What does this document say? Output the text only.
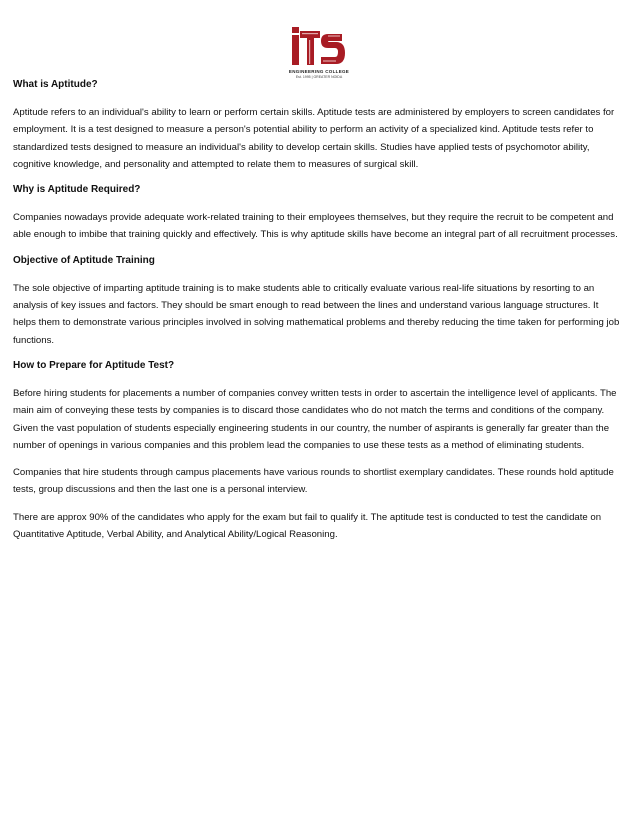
ENGINEERING COLLEGE
Est. 1995 | GREATER NOIDA
What is Aptitude?

Aptitude refers to an individual's ability to learn or perform certain skills. Aptitude tests are administered by employers to screen candidates for employment. It is a test designed to measure a person's potential ability to perform an activity of a specialized kind. Aptitude tests refer to standardized tests designed to measure an individual's ability to develop certain skills. Studies have applied tests of psychomotor ability, cognitive knowledge, and personality and attempted to relate them to measures of surgical skill.

Why is Aptitude Required?

Companies nowadays provide adequate work-related training to their employees themselves, but they require the recruit to be competent and able enough to imbibe that training quickly and effectively. This is why aptitude skills have become an integral part of all recruitment processes.

Objective of Aptitude Training

The sole objective of imparting aptitude training is to make students able to critically evaluate various real-life situations by resorting to an analysis of key issues and factors. They should be smart enough to read between the lines and understand various language structures. It helps them to demonstrate various principles involved in solving mathematical problems and thereby reducing the time taken for performing job functions.

How to Prepare for Aptitude Test?

Before hiring students for placements a number of companies convey written tests in order to ascertain the intelligence level of applicants. The main aim of conveying these tests by companies is to discard those candidates who do not match the terms and conditions of the company. Given the vast population of students especially engineering students in our country, the number of aspirants is generally far greater than the number of openings in various companies and this problem lead the companies to use these tests as a method of eliminating students.

Companies that hire students through campus placements have various rounds to shortlist exemplary candidates. These rounds hold aptitude tests, group discussions and then the last one is a personal interview.

There are approx 90% of the candidates who apply for the exam but fail to qualify it. The aptitude test is conducted to test the candidate on Quantitative Aptitude, Verbal Ability, and Analytical Ability/Logical Reasoning.
